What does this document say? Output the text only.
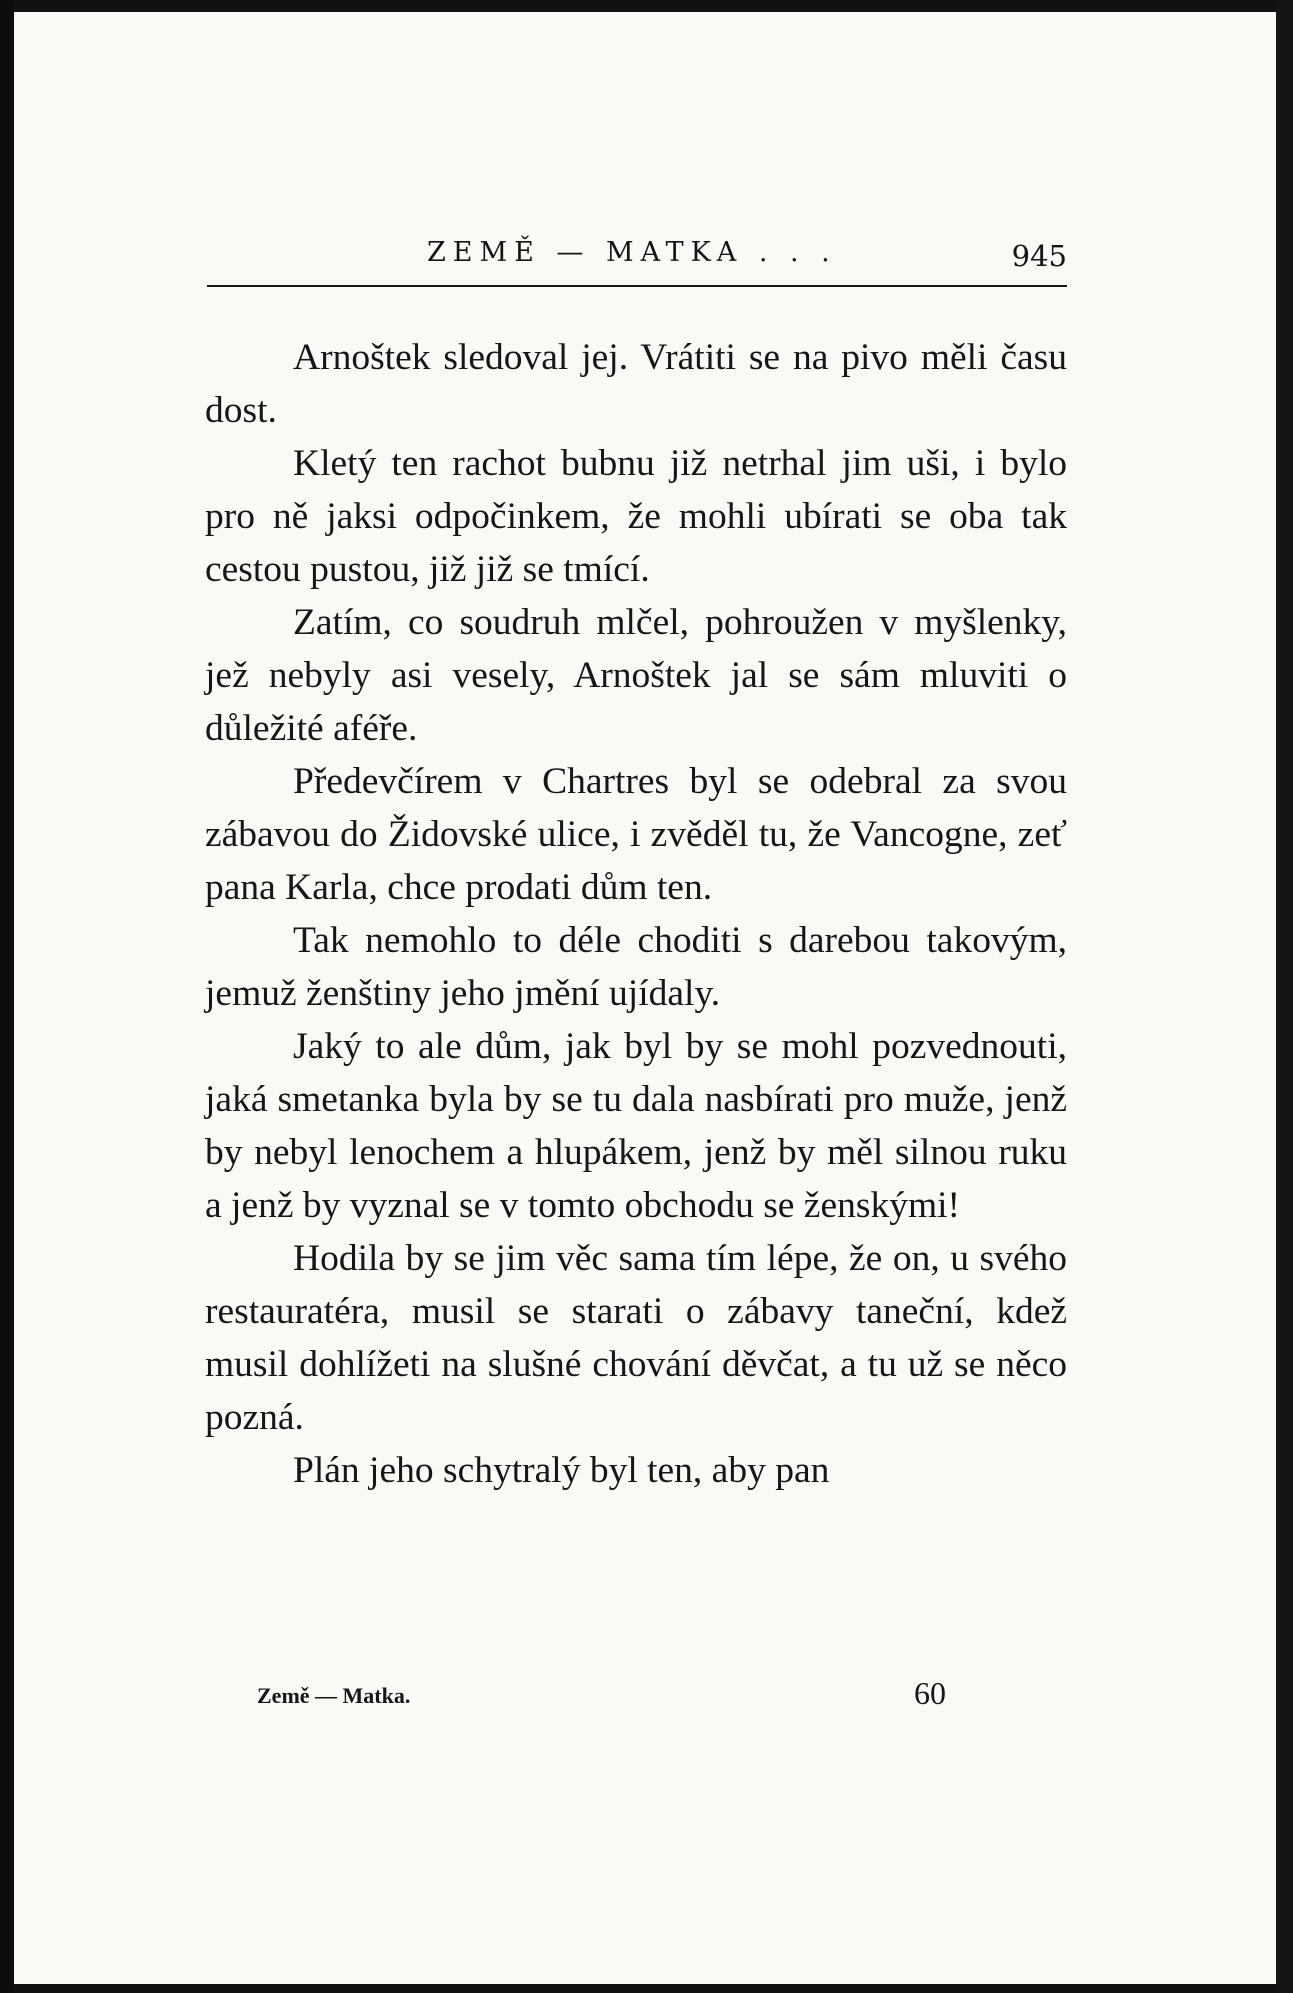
ZEMĚ — MATKA . . .	945

Arnoštek sledoval jej. Vrátiti se na pivo měli času dost.

Kletý ten rachot bubnu již netrhal jim uši, i bylo pro ně jaksi odpočinkem, že mohli ubírati se oba tak cestou pustou, již již se tmící.

Zatím, co soudruh mlčel, pohroužen v myšlenky, jež nebyly asi vesely, Arnoštek jal se sám mluviti o důležité aféře.

Předevčírem v Chartres byl se odebral za svou zábavou do Židovské ulice, i zvěděl tu, že Vancogne, zeť pana Karla, chce prodati dům ten.

Tak nemohlo to déle choditi s darebou takovým, jemuž ženštiny jeho jmění ujídaly.

Jaký to ale dům, jak byl by se mohl pozvednouti, jaká smetanka byla by se tu dala nasbírati pro muže, jenž by nebyl lenochem a hlupákem, jenž by měl silnou ruku a jenž by vyznal se v tomto obchodu se ženskými!

Hodila by se jim věc sama tím lépe, že on, u svého restauratéra, musil se starati o zábavy taneční, kdež musil dohlížeti na slušné chování děvčat, a tu už se něco pozná.

Plán jeho schytralý byl ten, aby pan

Země — Matka.	60
